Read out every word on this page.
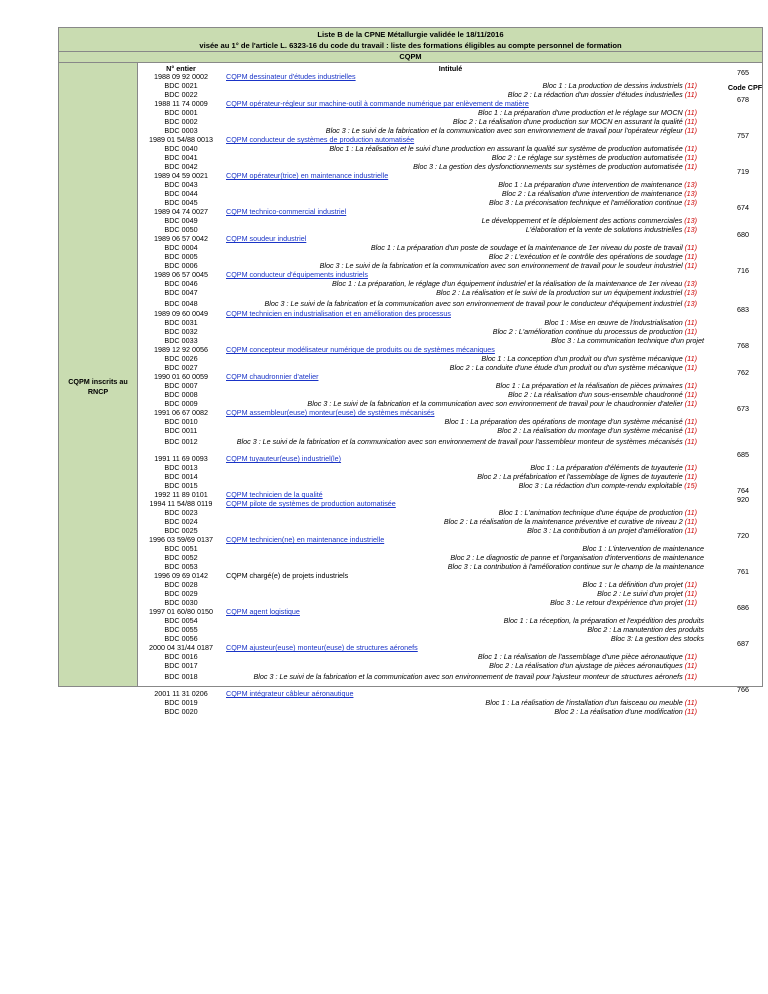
Liste B de la CPNE Métallurgie validée le 18/11/2016
visée au 1° de l'article L. 6323-16 du code du travail : liste des formations éligibles au compte personnel de formation
CQPM
CQPM inscrits au RNCP
N° entier	Intitulé
Code CPF
1988 09 92 0002	CQPM dessinateur d'études industrielles	765
BDC 0021	Bloc 1 : La production de dessins industriels (11)
BDC 0022	Bloc 2 : La rédaction d'un dossier d'études industrielles (11)
1988 11 74 0009	CQPM opérateur-régleur sur machine-outil à commande numérique par enlèvement de matière	678
BDC 0001	Bloc 1 : La préparation d'une production et le réglage sur MOCN (11)
BDC 0002	Bloc 2 : La réalisation d'une production sur MOCN en assurant la qualité (11)
BDC 0003	Bloc 3 : Le suivi de la fabrication et la communication avec son environnement de travail pour l'opérateur régleur (11)
1989 01 54/88 0013	CQPM conducteur de systèmes de production automatisée	757
BDC 0040	Bloc 1 : La réalisation et le suivi d'une production en assurant la qualité sur système de production automatisée (11)
BDC 0041	Bloc 2 : Le réglage sur systèmes de production automatisée (11)
BDC 0042	Bloc 3 : La gestion des dysfonctionnements sur systèmes de production automatisée (11)
1989 04 59 0021	CQPM opérateur(trice) en maintenance industrielle	719
BDC 0043	Bloc 1 : La préparation d'une intervention de maintenance (13)
BDC 0044	Bloc 2 : La réalisation d'une intervention de maintenance (13)
BDC 0045	Bloc 3 : La préconisation technique et l'amélioration continue (13)
1989 04 74 0027	CQPM technico-commercial industriel	674
BDC 0049	Le développement et le déploiement des actions commerciales (13)
BDC 0050	L'élaboration et la vente de solutions industrielles (13)
1989 06 57 0042	CQPM soudeur industriel	680
BDC 0004	Bloc 1 : La préparation d'un poste de soudage et la maintenance de 1er niveau du poste de travail (11)
BDC 0005	Bloc 2 : L'exécution et le contrôle des opérations de soudage (11)
BDC 0006	Bloc 3 : Le suivi de la fabrication et la communication avec son environnement de travail pour le soudeur industriel (11)
1989 06 57 0045	CQPM conducteur d'équipements industriels	716
BDC 0046	Bloc 1 : La préparation, le réglage d'un équipement industriel et la réalisation de la maintenance de 1er niveau (13)
BDC 0047	Bloc 2 : La réalisation et le suivi de la production sur un équipement industriel (13)
BDC 0048	Bloc 3 : Le suivi de la fabrication et la communication avec son environnement de travail pour le conducteur d'équipement industriel (13)
1989 09 60 0049	CQPM technicien en industrialisation et en amélioration des processus	683
BDC 0031	Bloc 1 : Mise en œuvre de l'industrialisation (11)
BDC 0032	Bloc 2 : L'amélioration continue du processus de production (11)
BDC 0033	Bloc 3 : La communication technique d'un projet
1989 12 92 0056	CQPM concepteur modélisateur numérique de produits ou de systèmes mécaniques	768
BDC 0026	Bloc 1 : La conception d'un produit ou d'un système mécanique (11)
BDC 0027	Bloc 2 : La conduite d'une étude d'un produit ou d'un système mécanique (11)
1990 01 60 0059	CQPM chaudronnier d'atelier	762
BDC 0007	Bloc 1 : La préparation et la réalisation de pièces primaires (11)
BDC 0008	Bloc 2 : La réalisation d'un sous-ensemble chaudronné (11)
BDC 0009	Bloc 3 : Le suivi de la fabrication et la communication avec son environnement de travail pour le chaudronnier d'atelier (11)
1991 06 67 0082	CQPM assembleur(euse) monteur(euse) de systèmes mécanisés	673
BDC 0010	Bloc 1 : La préparation des opérations de montage d'un système mécanisé (11)
BDC 0011	Bloc 2 : La réalisation du montage d'un système mécanisé (11)
BDC 0012	Bloc 3 : Le suivi de la fabrication et la communication avec son environnement de travail pour l'assembleur monteur de systèmes mécanisés (11)
1991 11 69 0093	CQPM tuyauteur(euse) industriel(le)	685
BDC 0013	Bloc 1 : La préparation d'éléments de tuyauterie (11)
BDC 0014	Bloc 2 : La préfabrication et l'assemblage de lignes de tuyauterie (11)
BDC 0015	Bloc 3 : La rédaction d'un compte-rendu exploitable (15)
1992 11 89 0101	CQPM technicien de la qualité	764
1994 11 54/88 0119	CQPM pilote de systèmes de production automatisée	920
BDC 0023	Bloc 1 : L'animation technique d'une équipe de production (11)
BDC 0024	Bloc 2 : La réalisation de la maintenance préventive et curative de niveau 2 (11)
BDC 0025	Bloc 3 : La contribution à un projet d'amélioration (11)
1996 03 59/69 0137	CQPM technicien(ne) en maintenance industrielle	720
BDC 0051	Bloc 1 : L'intervention de maintenance
BDC 0052	Bloc 2 : Le diagnostic de panne et l'organisation d'interventions de maintenance
BDC 0053	Bloc 3 : La contribution à l'amélioration continue sur le champ de la maintenance
1996 09 69 0142	CQPM chargé(e) de projets industriels	761
BDC 0028	Bloc 1 : La définition d'un projet (11)
BDC 0029	Bloc 2 : Le suivi d'un projet (11)
BDC 0030	Bloc 3 : Le retour d'expérience d'un projet (11)
1997 01 60/80 0150	CQPM agent logistique	686
BDC 0054	Bloc 1 : La réception, la préparation et l'expédition des produits
BDC 0055	Bloc 2 : La manutention des produits
BDC 0056	Bloc 3: La gestion des stocks
2000 04 31/44 0187	CQPM ajusteur(euse) monteur(euse) de structures aéronefs	687
BDC 0016	Bloc 1 : La réalisation de l'assemblage d'une pièce aéronautique (11)
BDC 0017	Bloc 2 : La réalisation d'un ajustage de pièces aéronautiques (11)
BDC 0018	Bloc 3 : Le suivi de la fabrication et la communication avec son environnement de travail pour l'ajusteur monteur de structures aéronefs (11)
2001 11 31 0206	CQPM intégrateur câbleur aéronautique	766
BDC 0019	Bloc 1 : La réalisation de l'installation d'un faisceau ou meuble (11)
BDC 0020	Bloc 2 : La réalisation d'une modification (11)
